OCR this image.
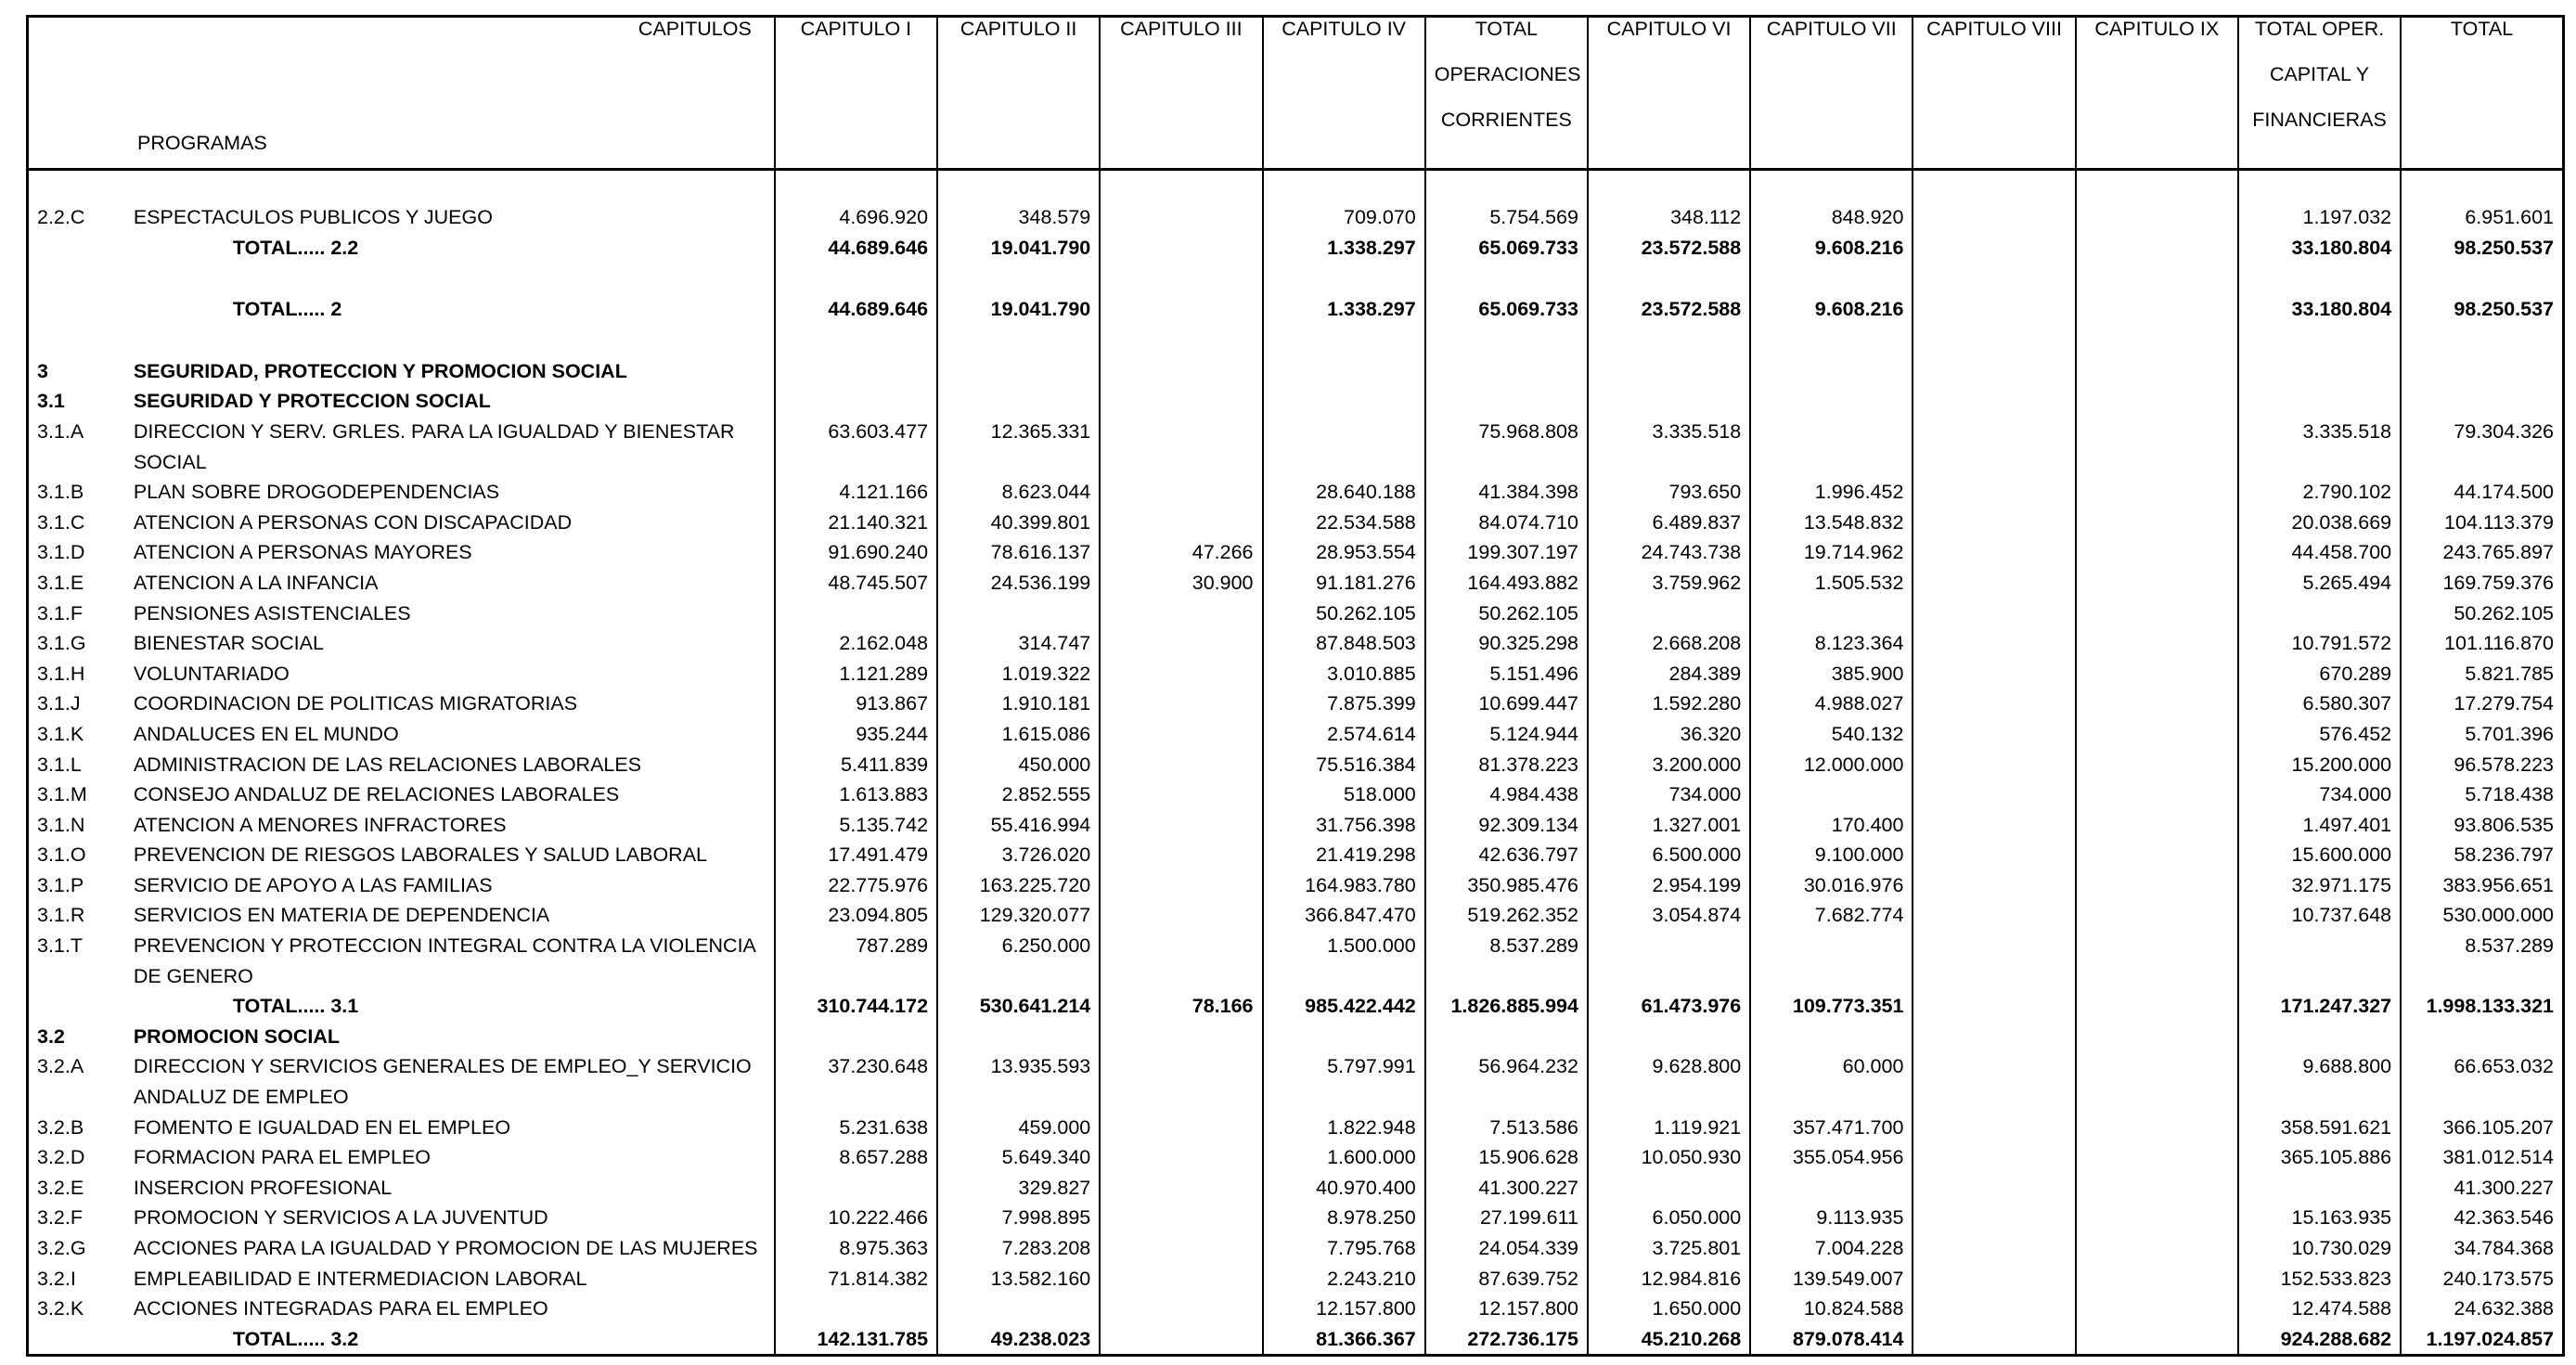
CAPITULOS		CAPITULO I	CAPITULO II	CAPITULO III	CAPITULO IV	TOTAL	CAPITULO VI	CAPITULO VII	CAPITULO VIII	CAPITULO IX	TOTAL OPER.	TOTAL
						OPERACIONES					CAPITAL Y	
PROGRAMAS						CORRIENTES					FINANCIERAS	

2.2.C	ESPECTACULOS PUBLICOS Y JUEGO	4.696.920	348.579		709.070	5.754.569	348.112	848.920			1.197.032	6.951.601
	TOTAL..... 2.2	44.689.646	19.041.790		1.338.297	65.069.733	23.572.588	9.608.216			33.180.804	98.250.537

	TOTAL..... 2	44.689.646	19.041.790		1.338.297	65.069.733	23.572.588	9.608.216			33.180.804	98.250.537

3	SEGURIDAD, PROTECCION Y PROMOCION SOCIAL											
3.1	SEGURIDAD Y PROTECCION SOCIAL											
3.1.A	DIRECCION Y SERV. GRLES. PARA LA IGUALDAD Y BIENESTAR	63.603.477	12.365.331			75.968.808	3.335.518				3.335.518	79.304.326
	SOCIAL											
3.1.B	PLAN SOBRE DROGODEPENDENCIAS	4.121.166	8.623.044		28.640.188	41.384.398	793.650	1.996.452			2.790.102	44.174.500
3.1.C	ATENCION A PERSONAS CON DISCAPACIDAD	21.140.321	40.399.801		22.534.588	84.074.710	6.489.837	13.548.832			20.038.669	104.113.379
3.1.D	ATENCION A PERSONAS MAYORES	91.690.240	78.616.137	47.266	28.953.554	199.307.197	24.743.738	19.714.962			44.458.700	243.765.897
3.1.E	ATENCION A LA INFANCIA	48.745.507	24.536.199	30.900	91.181.276	164.493.882	3.759.962	1.505.532			5.265.494	169.759.376
3.1.F	PENSIONES ASISTENCIALES				50.262.105	50.262.105						50.262.105
3.1.G	BIENESTAR SOCIAL	2.162.048	314.747		87.848.503	90.325.298	2.668.208	8.123.364			10.791.572	101.116.870
3.1.H	VOLUNTARIADO	1.121.289	1.019.322		3.010.885	5.151.496	284.389	385.900			670.289	5.821.785
3.1.J	COORDINACION DE POLITICAS MIGRATORIAS	913.867	1.910.181		7.875.399	10.699.447	1.592.280	4.988.027			6.580.307	17.279.754
3.1.K	ANDALUCES EN EL MUNDO	935.244	1.615.086		2.574.614	5.124.944	36.320	540.132			576.452	5.701.396
3.1.L	ADMINISTRACION DE LAS RELACIONES LABORALES	5.411.839	450.000		75.516.384	81.378.223	3.200.000	12.000.000			15.200.000	96.578.223
3.1.M	CONSEJO ANDALUZ DE RELACIONES LABORALES	1.613.883	2.852.555		518.000	4.984.438	734.000				734.000	5.718.438
3.1.N	ATENCION A MENORES INFRACTORES	5.135.742	55.416.994		31.756.398	92.309.134	1.327.001	170.400			1.497.401	93.806.535
3.1.O	PREVENCION DE RIESGOS LABORALES Y SALUD LABORAL	17.491.479	3.726.020		21.419.298	42.636.797	6.500.000	9.100.000			15.600.000	58.236.797
3.1.P	SERVICIO DE APOYO A LAS FAMILIAS	22.775.976	163.225.720		164.983.780	350.985.476	2.954.199	30.016.976			32.971.175	383.956.651
3.1.R	SERVICIOS EN MATERIA DE DEPENDENCIA	23.094.805	129.320.077		366.847.470	519.262.352	3.054.874	7.682.774			10.737.648	530.000.000
3.1.T	PREVENCION Y PROTECCION INTEGRAL CONTRA LA VIOLENCIA	787.289	6.250.000		1.500.000	8.537.289						8.537.289
	DE GENERO											
	TOTAL..... 3.1	310.744.172	530.641.214	78.166	985.422.442	1.826.885.994	61.473.976	109.773.351			171.247.327	1.998.133.321
3.2	PROMOCION SOCIAL											
3.2.A	DIRECCION Y SERVICIOS GENERALES DE EMPLEO_Y SERVICIO	37.230.648	13.935.593		5.797.991	56.964.232	9.628.800	60.000			9.688.800	66.653.032
	ANDALUZ DE EMPLEO											
3.2.B	FOMENTO E IGUALDAD EN EL EMPLEO	5.231.638	459.000		1.822.948	7.513.586	1.119.921	357.471.700			358.591.621	366.105.207
3.2.D	FORMACION PARA EL EMPLEO	8.657.288	5.649.340		1.600.000	15.906.628	10.050.930	355.054.956			365.105.886	381.012.514
3.2.E	INSERCION PROFESIONAL		329.827		40.970.400	41.300.227						41.300.227
3.2.F	PROMOCION Y SERVICIOS A LA JUVENTUD	10.222.466	7.998.895		8.978.250	27.199.611	6.050.000	9.113.935			15.163.935	42.363.546
3.2.G	ACCIONES PARA LA IGUALDAD Y PROMOCION DE LAS MUJERES	8.975.363	7.283.208		7.795.768	24.054.339	3.725.801	7.004.228			10.730.029	34.784.368
3.2.I	EMPLEABILIDAD E INTERMEDIACION LABORAL	71.814.382	13.582.160		2.243.210	87.639.752	12.984.816	139.549.007			152.533.823	240.173.575
3.2.K	ACCIONES INTEGRADAS PARA EL EMPLEO				12.157.800	12.157.800	1.650.000	10.824.588			12.474.588	24.632.388
	TOTAL..... 3.2	142.131.785	49.238.023		81.366.367	272.736.175	45.210.268	879.078.414			924.288.682	1.197.024.857
